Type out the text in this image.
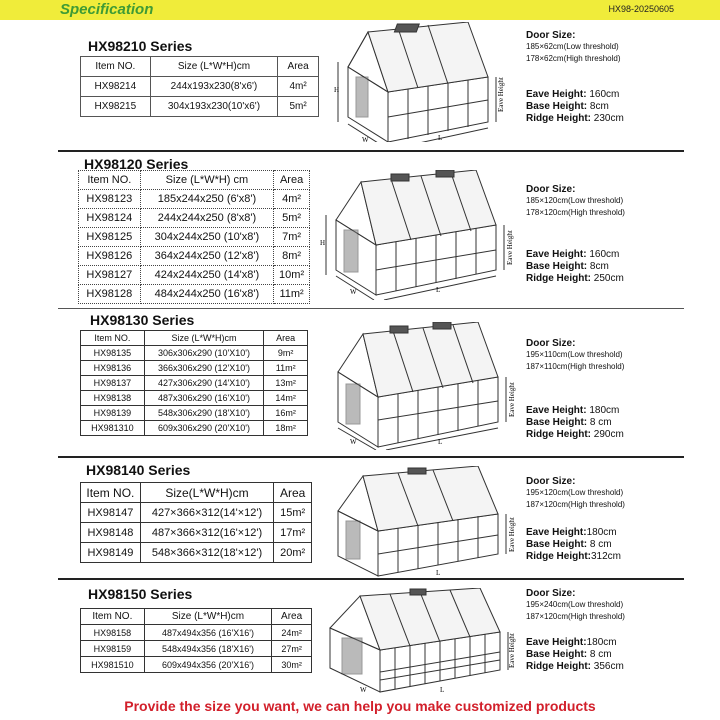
Specification	HX98-20250605
HX98210 Series
Item NO.	Size (L*W*H)cm	Area
HX98214	244x193x230(8'x6')	4m²
HX98215	304x193x230(10'x6')	5m²
H
W	L
Eave Height
Door Size:
185×62cm(Low threshold)
178×62cm(High threshold)
Eave Height: 160cm
Base Height: 8cm
Ridge Height: 230cm
HX98120 Series
Item NO.	Size (L*W*H) cm	Area
HX98123	185x244x250 (6'x8')	4m²
HX98124	244x244x250 (8'x8')	5m²
HX98125	304x244x250 (10'x8')	7m²
HX98126	364x244x250 (12'x8')	8m²
HX98127	424x244x250 (14'x8')	10m²
HX98128	484x244x250 (16'x8')	11m²
H
W	L
Eave Height
Door Size:
185×120cm(Low threshold)
178×120cm(High threshold)
Eave Height: 160cm
Base Height: 8cm
Ridge Height: 250cm
HX98130 Series
Item NO.	Size (L*W*H)cm	Area
HX98135	306x306x290 (10'X10')	9m²
HX98136	366x306x290 (12'X10')	11m²
HX98137	427x306x290 (14'X10')	13m²
HX98138	487x306x290 (16'X10')	14m²
HX98139	548x306x290 (18'X10')	16m²
HX981310	609x306x290 (20'X10')	18m²
W	L
Eave Height
Door Size:
195×110cm(Low threshold)
187×110cm(High threshold)
Eave Height: 180cm
Base Height: 8 cm
Ridge Height: 290cm
HX98140 Series
Item NO.	Size(L*W*H)cm	Area
HX98147	427×366×312(14'×12')	15m²
HX98148	487×366×312(16'×12')	17m²
HX98149	548×366×312(18'×12')	20m²
L
Eave Height
Door Size:
195×120cm(Low threshold)
187×120cm(High threshold)
Eave Height:180cm
Base Height: 8 cm
Ridge Height:312cm
HX98150 Series
Item NO.	Size (L*W*H)cm	Area
HX98158	487x494x356 (16'X16')	24m²
HX98159	548x494x356 (18'X16')	27m²
HX981510	609x494x356 (20'X16')	30m²
W	L
Eave Height
Door Size:
195×240cm(Low threshold)
187×120cm(High threshold)
Eave Height:180cm
Base Height: 8 cm
Ridge Height: 356cm
Provide the size you want, we can help you make customized products
